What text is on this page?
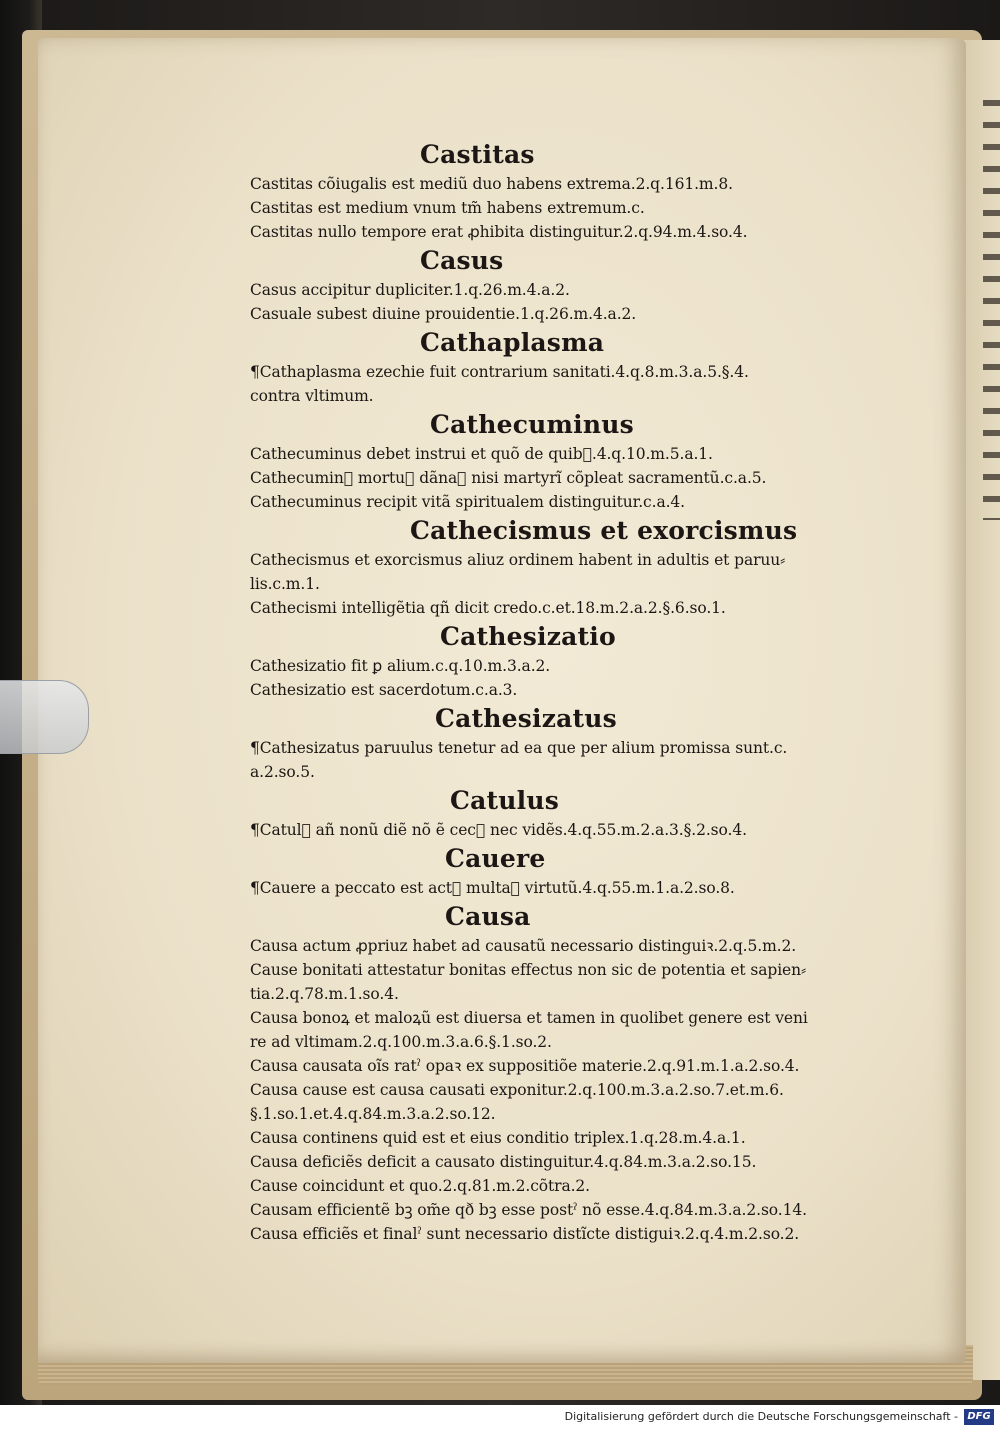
Castitas

Castitas cõiugalis est mediũ duo habens extrema.2.q.161.m.8.

Castitas est medium vnum tm̃ habens extremum.c.

Castitas nullo tempore erat ꝓhibita distinguitur.2.q.94.m.4.so.4.

Casus

Casus accipitur dupliciter.1.q.26.m.4.a.2.

Casuale subest diuine prouidentie.1.q.26.m.4.a.2.

Cathaplasma

¶Cathaplasma ezechie fuit contrarium sanitati.4.q.8.m.3.a.5.§.4.

contra vltimum.

Cathecuminus

Cathecuminus debet instrui et quõ de quib᷒.4.q.10.m.5.a.1.

Cathecumin᷒ mortu᷒ dãnaꝛ nisi martyrĩ cõpleat sacramentũ.c.a.5.

Cathecuminus recipit vitã spiritualem distinguitur.c.a.4.

Cathecismus et exorcismus

Cathecismus et exorcismus aliuz ordinem habent in adultis et paruu⸗

lis.c.m.1.

Cathecismi intelligẽtia qñ dicit credo.c.et.18.m.2.a.2.§.6.so.1.

Cathesizatio

Cathesizatio fit ꝑ alium.c.q.10.m.3.a.2.

Cathesizatio est sacerdotum.c.a.3.

Cathesizatus

¶Cathesizatus paruulus tenetur ad ea que per alium promissa sunt.c.

a.2.so.5.

Catulus

¶Catul᷒ añ nonũ diẽ nõ ẽ cec᷒ nec vidẽs.4.q.55.m.2.a.3.§.2.so.4.

Cauere

¶Cauere a peccato est act᷒ multaꝝ virtutũ.4.q.55.m.1.a.2.so.8.

Causa

Causa actum ꝓpriuz habet ad causatũ necessario distinguiꝛ.2.q.5.m.2.

Cause bonitati attestatur bonitas effectus non sic de potentia et sapien⸗

tia.2.q.78.m.1.so.4.

Causa bonoꝝ et maloꝝũ est diuersa et tamen in quolibet genere est veni

re ad vltimam.2.q.100.m.3.a.6.§.1.so.2.

Causa causata oĩs ratˀ opaꝛ ex suppositiõe materie.2.q.91.m.1.a.2.so.4.

Causa cause est causa causati exponitur.2.q.100.m.3.a.2.so.7.et.m.6.

§.1.so.1.et.4.q.84.m.3.a.2.so.12.

Causa continens quid est et eius conditio triplex.1.q.28.m.4.a.1.

Causa deficiẽs deficit a causato distinguitur.4.q.84.m.3.a.2.so.15.

Cause coincidunt et quo.2.q.81.m.2.cõtra.2.

Causam efficientẽ bꝫ om̃e qð bꝫ esse postˀ nõ esse.4.q.84.m.3.a.2.so.14.

Causa efficiẽs et finalˀ sunt necessario distĩcte distiguiꝛ.2.q.4.m.2.so.2.

Digitalisierung gefördert durch die Deutsche Forschungsgemeinschaft - DFG
